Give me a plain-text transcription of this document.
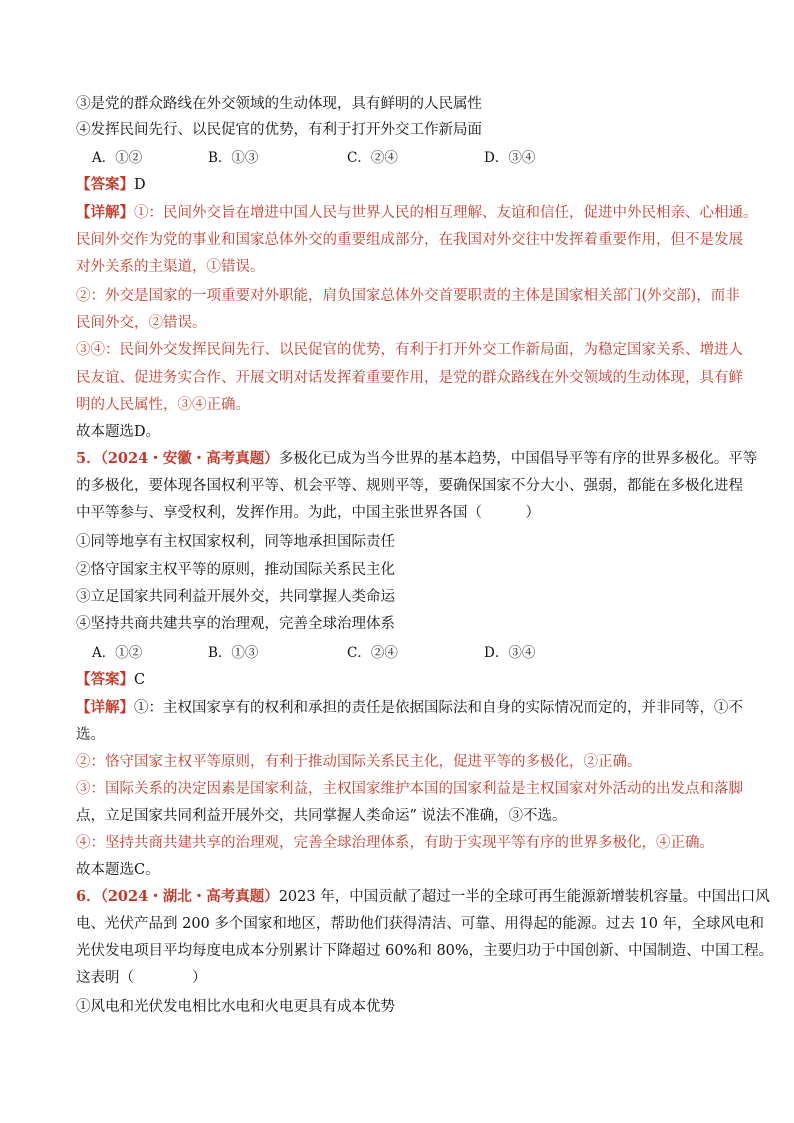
③是党的群众路线在外交领域的生动体现，具有鲜明的人民属性
④发挥民间先行、以民促官的优势，有利于打开外交工作新局面
A．①②	B．①③	C．②④	D．③④
【答案】D
【详解】①：民间外交旨在增进中国人民与世界人民的相互理解、友谊和信任，促进中外民相亲、心相通。
民间外交作为党的事业和国家总体外交的重要组成部分，在我国对外交往中发挥着重要作用，但不是发展
对外关系的主渠道，①错误。
②：外交是国家的一项重要对外职能，肩负国家总体外交首要职责的主体是国家相关部门(外交部)，而非
民间外交，②错误。
③④：民间外交发挥民间先行、以民促官的优势，有利于打开外交工作新局面，为稳定国家关系、增进人
民友谊、促进务实合作、开展文明对话发挥着重要作用，是党的群众路线在外交领域的生动体现，具有鲜
明的人民属性，③④正确。
故本题选D。
5．（2024・安徽・高考真题）多极化已成为当今世界的基本趋势，中国倡导平等有序的世界多极化。平等
的多极化，要体现各国权利平等、机会平等、规则平等，要确保国家不分大小、强弱，都能在多极化进程
中平等参与、享受权利，发挥作用。为此，中国主张世界各国（　　　）
①同等地享有主权国家权利，同等地承担国际责任
②恪守国家主权平等的原则，推动国际关系民主化
③立足国家共同利益开展外交，共同掌握人类命运
④坚持共商共建共享的治理观，完善全球治理体系
A．①②	B．①③	C．②④	D．③④
【答案】C
【详解】①：主权国家享有的权利和承担的责任是依据国际法和自身的实际情况而定的，并非同等，①不
选。
②：恪守国家主权平等原则，有利于推动国际关系民主化，促进平等的多极化，②正确。
③：国际关系的决定因素是国家利益，主权国家维护本国的国家利益是主权国家对外活动的出发点和落脚
点，立足国家共同利益开展外交，共同掌握人类命运” 说法不准确，③不选。
④：坚持共商共建共享的治理观，完善全球治理体系，有助于实现平等有序的世界多极化，④正确。
故本题选C。
6．（2024・湖北・高考真题）2023 年，中国贡献了超过一半的全球可再生能源新增装机容量。中国出口风
电、光伏产品到 200 多个国家和地区，帮助他们获得清洁、可靠、用得起的能源。过去 10 年，全球风电和
光伏发电项目平均每度电成本分别累计下降超过 60%和 80%，主要归功于中国创新、中国制造、中国工程。
这表明（　　　　）
①风电和光伏发电相比水电和火电更具有成本优势
